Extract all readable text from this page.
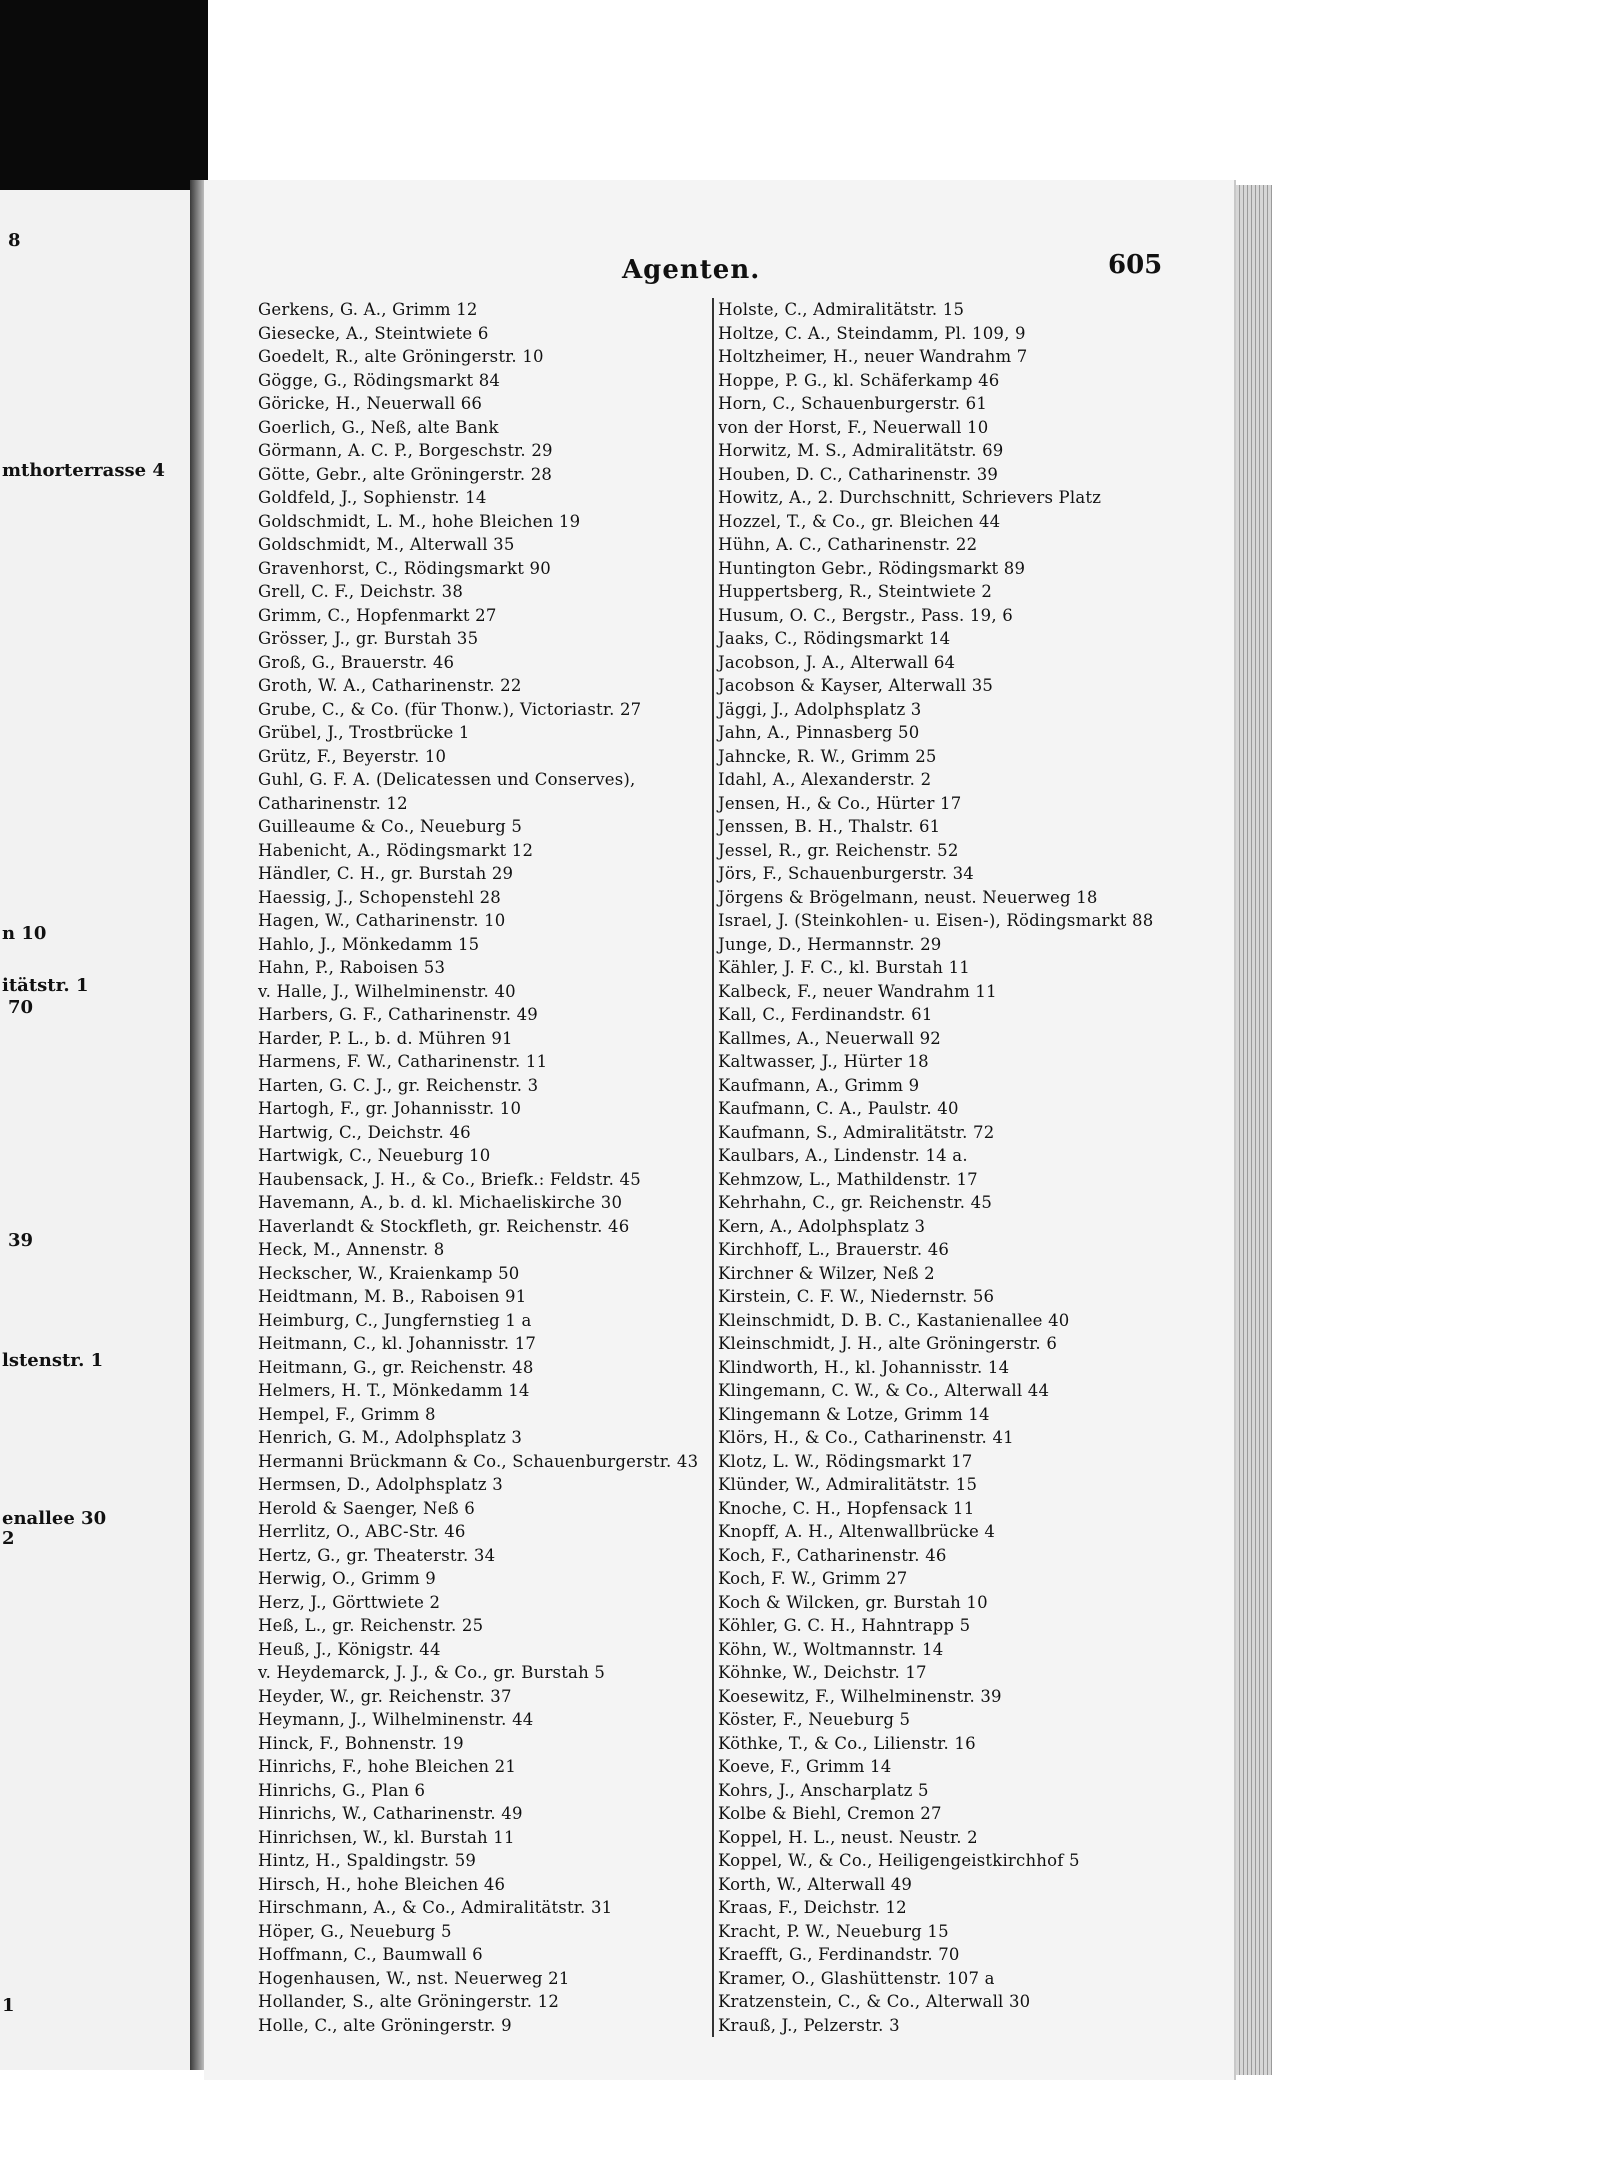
8
mthorterrasse 4
n 10
itätstr. 1
70
39
lstenstr. 1
enallee 30
2
1
Agenten.	605
Gerkens, G. A., Grimm 12
Giesecke, A., Steintwiete 6
Goedelt, R., alte Gröningerstr. 10
Gögge, G., Rödingsmarkt 84
Göricke, H., Neuerwall 66
Goerlich, G., Neß, alte Bank
Görmann, A. C. P., Borgeschstr. 29
Götte, Gebr., alte Gröningerstr. 28
Goldfeld, J., Sophienstr. 14
Goldschmidt, L. M., hohe Bleichen 19
Goldschmidt, M., Alterwall 35
Gravenhorst, C., Rödingsmarkt 90
Grell, C. F., Deichstr. 38
Grimm, C., Hopfenmarkt 27
Grösser, J., gr. Burstah 35
Groß, G., Brauerstr. 46
Groth, W. A., Catharinenstr. 22
Grube, C., & Co. (für Thonw.), Victoriastr. 27
Grübel, J., Trostbrücke 1
Grütz, F., Beyerstr. 10
Guhl, G. F. A. (Delicatessen und Conserves),
Catharinenstr. 12
Guilleaume & Co., Neueburg 5
Habenicht, A., Rödingsmarkt 12
Händler, C. H., gr. Burstah 29
Haessig, J., Schopenstehl 28
Hagen, W., Catharinenstr. 10
Hahlo, J., Mönkedamm 15
Hahn, P., Raboisen 53
v. Halle, J., Wilhelminenstr. 40
Harbers, G. F., Catharinenstr. 49
Harder, P. L., b. d. Mühren 91
Harmens, F. W., Catharinenstr. 11
Harten, G. C. J., gr. Reichenstr. 3
Hartogh, F., gr. Johannisstr. 10
Hartwig, C., Deichstr. 46
Hartwigk, C., Neueburg 10
Haubensack, J. H., & Co., Briefk.: Feldstr. 45
Havemann, A., b. d. kl. Michaeliskirche 30
Haverlandt & Stockfleth, gr. Reichenstr. 46
Heck, M., Annenstr. 8
Heckscher, W., Kraienkamp 50
Heidtmann, M. B., Raboisen 91
Heimburg, C., Jungfernstieg 1 a
Heitmann, C., kl. Johannisstr. 17
Heitmann, G., gr. Reichenstr. 48
Helmers, H. T., Mönkedamm 14
Hempel, F., Grimm 8
Henrich, G. M., Adolphsplatz 3
Hermanni Brückmann & Co., Schauenburgerstr. 43
Hermsen, D., Adolphsplatz 3
Herold & Saenger, Neß 6
Herrlitz, O., ABC-Str. 46
Hertz, G., gr. Theaterstr. 34
Herwig, O., Grimm 9
Herz, J., Görttwiete 2
Heß, L., gr. Reichenstr. 25
Heuß, J., Königstr. 44
v. Heydemarck, J. J., & Co., gr. Burstah 5
Heyder, W., gr. Reichenstr. 37
Heymann, J., Wilhelminenstr. 44
Hinck, F., Bohnenstr. 19
Hinrichs, F., hohe Bleichen 21
Hinrichs, G., Plan 6
Hinrichs, W., Catharinenstr. 49
Hinrichsen, W., kl. Burstah 11
Hintz, H., Spaldingstr. 59
Hirsch, H., hohe Bleichen 46
Hirschmann, A., & Co., Admiralitätstr. 31
Höper, G., Neueburg 5
Hoffmann, C., Baumwall 6
Hogenhausen, W., nst. Neuerweg 21
Hollander, S., alte Gröningerstr. 12
Holle, C., alte Gröningerstr. 9
Holste, C., Admiralitätstr. 15
Holtze, C. A., Steindamm, Pl. 109, 9
Holtzheimer, H., neuer Wandrahm 7
Hoppe, P. G., kl. Schäferkamp 46
Horn, C., Schauenburgerstr. 61
von der Horst, F., Neuerwall 10
Horwitz, M. S., Admiralitätstr. 69
Houben, D. C., Catharinenstr. 39
Howitz, A., 2. Durchschnitt, Schrievers Platz
Hozzel, T., & Co., gr. Bleichen 44
Hühn, A. C., Catharinenstr. 22
Huntington Gebr., Rödingsmarkt 89
Huppertsberg, R., Steintwiete 2
Husum, O. C., Bergstr., Pass. 19, 6
Jaaks, C., Rödingsmarkt 14
Jacobson, J. A., Alterwall 64
Jacobson & Kayser, Alterwall 35
Jäggi, J., Adolphsplatz 3
Jahn, A., Pinnasberg 50
Jahncke, R. W., Grimm 25
Idahl, A., Alexanderstr. 2
Jensen, H., & Co., Hürter 17
Jenssen, B. H., Thalstr. 61
Jessel, R., gr. Reichenstr. 52
Jörs, F., Schauenburgerstr. 34
Jörgens & Brögelmann, neust. Neuerweg 18
Israel, J. (Steinkohlen- u. Eisen-), Rödingsmarkt 88
Junge, D., Hermannstr. 29
Kähler, J. F. C., kl. Burstah 11
Kalbeck, F., neuer Wandrahm 11
Kall, C., Ferdinandstr. 61
Kallmes, A., Neuerwall 92
Kaltwasser, J., Hürter 18
Kaufmann, A., Grimm 9
Kaufmann, C. A., Paulstr. 40
Kaufmann, S., Admiralitätstr. 72
Kaulbars, A., Lindenstr. 14 a.
Kehmzow, L., Mathildenstr. 17
Kehrhahn, C., gr. Reichenstr. 45
Kern, A., Adolphsplatz 3
Kirchhoff, L., Brauerstr. 46
Kirchner & Wilzer, Neß 2
Kirstein, C. F. W., Niedernstr. 56
Kleinschmidt, D. B. C., Kastanienallee 40
Kleinschmidt, J. H., alte Gröningerstr. 6
Klindworth, H., kl. Johannisstr. 14
Klingemann, C. W., & Co., Alterwall 44
Klingemann & Lotze, Grimm 14
Klörs, H., & Co., Catharinenstr. 41
Klotz, L. W., Rödingsmarkt 17
Klünder, W., Admiralitätstr. 15
Knoche, C. H., Hopfensack 11
Knopff, A. H., Altenwallbrücke 4
Koch, F., Catharinenstr. 46
Koch, F. W., Grimm 27
Koch & Wilcken, gr. Burstah 10
Köhler, G. C. H., Hahntrapp 5
Köhn, W., Woltmannstr. 14
Köhnke, W., Deichstr. 17
Koesewitz, F., Wilhelminenstr. 39
Köster, F., Neueburg 5
Köthke, T., & Co., Lilienstr. 16
Koeve, F., Grimm 14
Kohrs, J., Anscharplatz 5
Kolbe & Biehl, Cremon 27
Koppel, H. L., neust. Neustr. 2
Koppel, W., & Co., Heiligengeistkirchhof 5
Korth, W., Alterwall 49
Kraas, F., Deichstr. 12
Kracht, P. W., Neueburg 15
Kraefft, G., Ferdinandstr. 70
Kramer, O., Glashüttenstr. 107 a
Kratzenstein, C., & Co., Alterwall 30
Krauß, J., Pelzerstr. 3
